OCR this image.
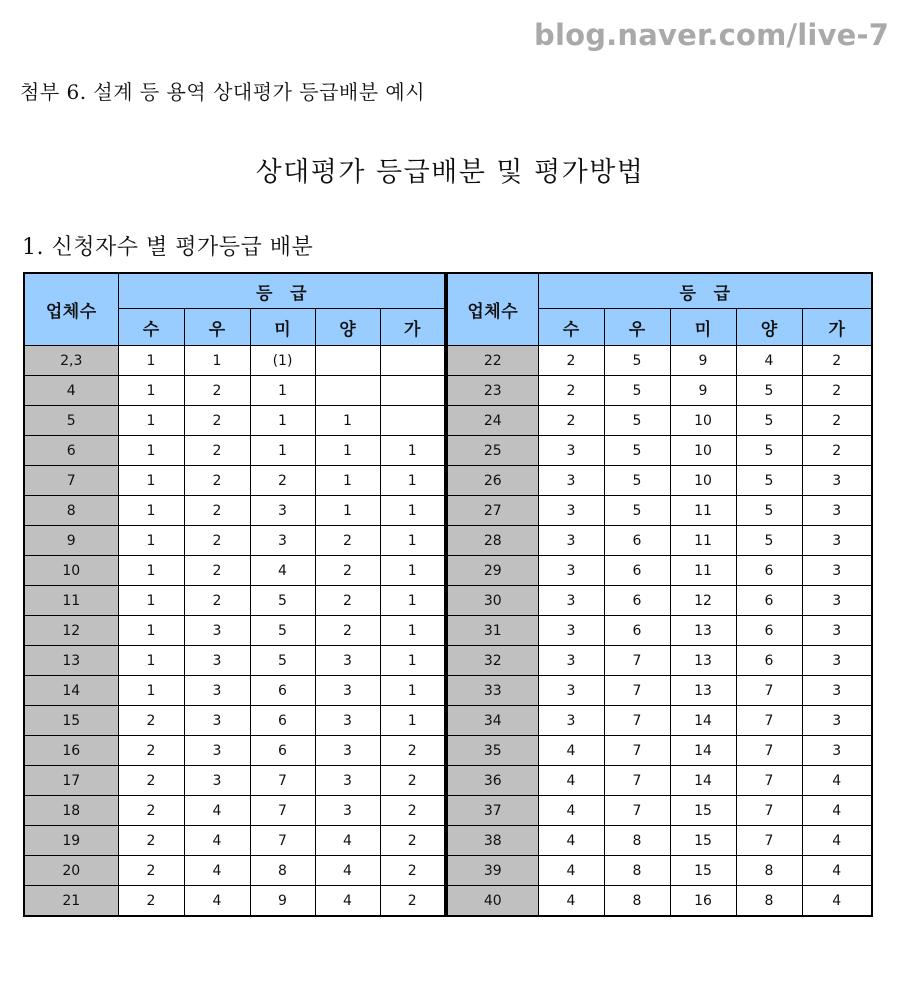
blog.naver.com/live-7
첨부 6. 설계 등 용역 상대평가 등급배분 예시
상대평가 등급배분 및 평가방법
1. 신청자수 별 평가등급 배분
업체수	등   급				
	수	우	미	양	가
2,3	1	1	(1)		
4	1	2	1		
5	1	2	1	1	
6	1	2	1	1	1
7	1	2	2	1	1
8	1	2	3	1	1
9	1	2	3	2	1
10	1	2	4	2	1
11	1	2	5	2	1
12	1	3	5	2	1
13	1	3	5	3	1
14	1	3	6	3	1
15	2	3	6	3	1
16	2	3	6	3	2
17	2	3	7	3	2
18	2	4	7	3	2
19	2	4	7	4	2
20	2	4	8	4	2
21	2	4	9	4	2
업체수	등   급				
	수	우	미	양	가
22	2	5	9	4	2
23	2	5	9	5	2
24	2	5	10	5	2
25	3	5	10	5	2
26	3	5	10	5	3
27	3	5	11	5	3
28	3	6	11	5	3
29	3	6	11	6	3
30	3	6	12	6	3
31	3	6	13	6	3
32	3	7	13	6	3
33	3	7	13	7	3
34	3	7	14	7	3
35	4	7	14	7	3
36	4	7	14	7	4
37	4	7	15	7	4
38	4	8	15	7	4
39	4	8	15	8	4
40	4	8	16	8	4
